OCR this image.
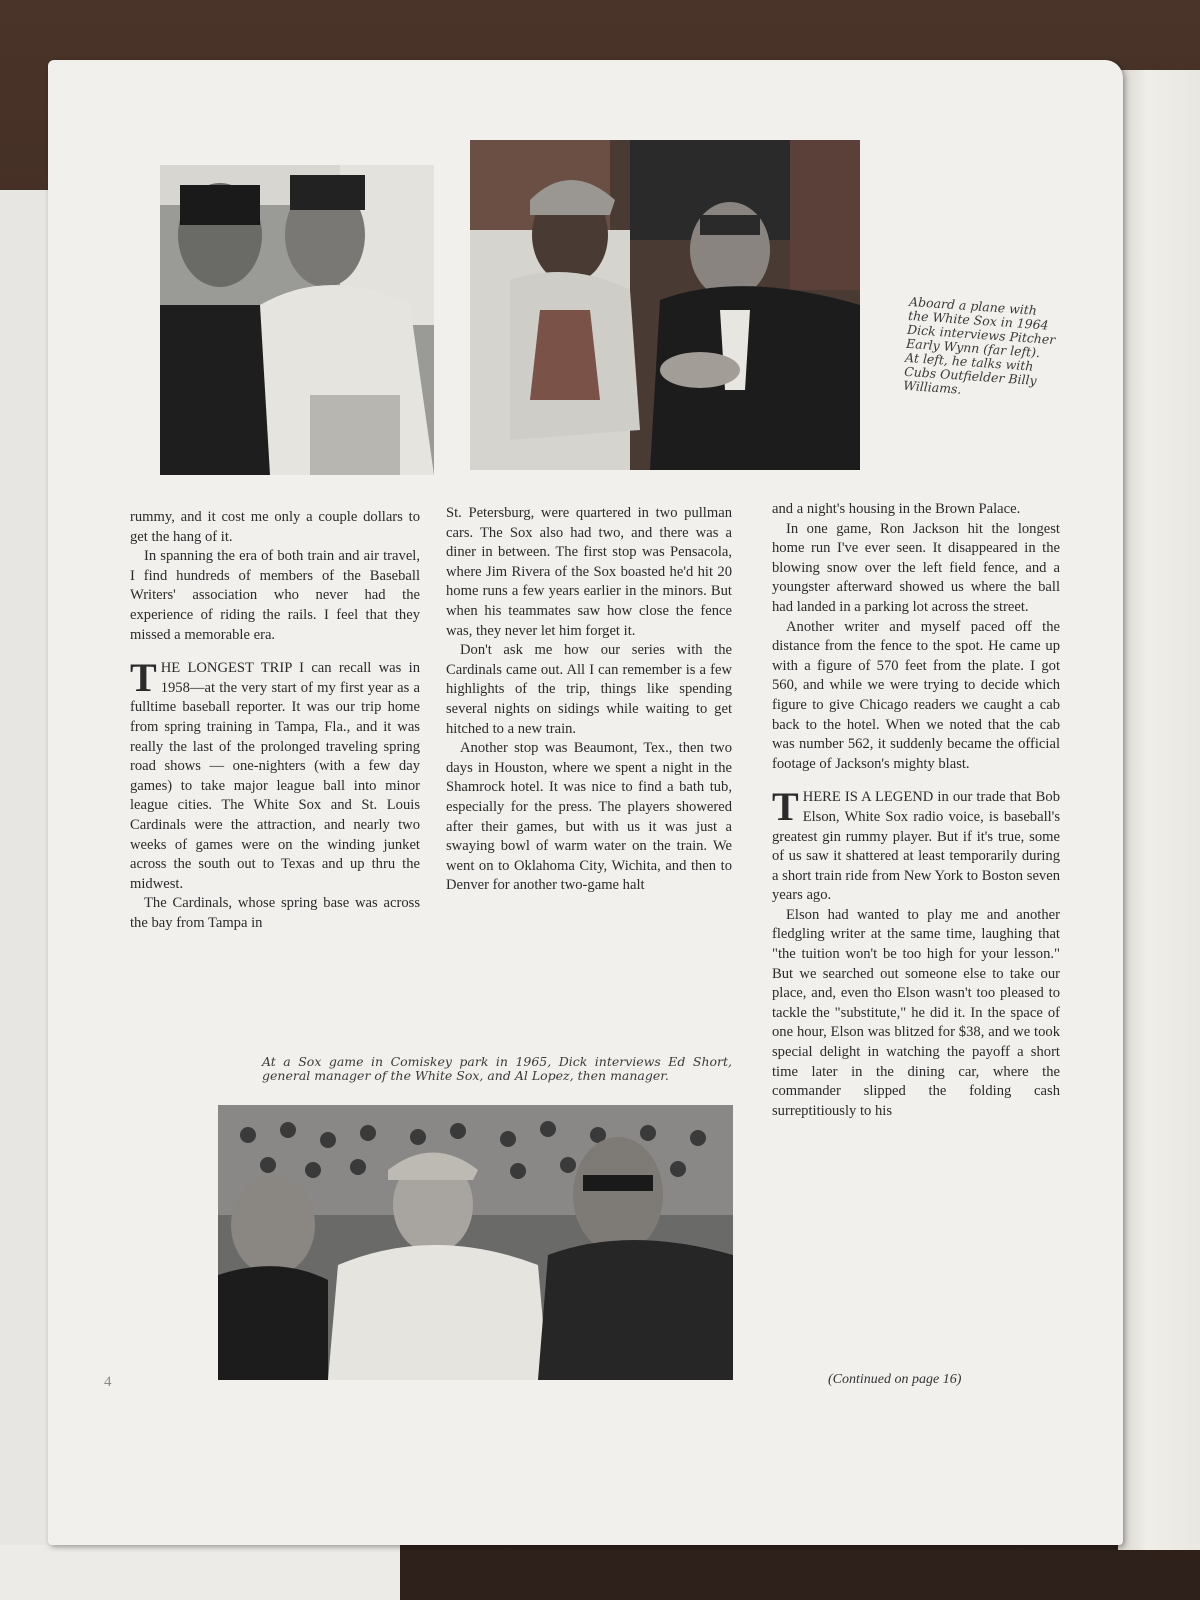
Aboard a plane with the White Sox in 1964 Dick interviews Pitcher Early Wynn (far left). At left, he talks with Cubs Outfielder Billy Williams.

rummy, and it cost me only a couple dollars to get the hang of it.

In spanning the era of both train and air travel, I find hundreds of members of the Baseball Writers' association who never had the experience of riding the rails. I feel that they missed a memorable era.

THE LONGEST TRIP I can recall was in 1958—at the very start of my first year as a fulltime baseball reporter. It was our trip home from spring training in Tampa, Fla., and it was really the last of the prolonged traveling spring road shows — one-nighters (with a few day games) to take major league ball into minor league cities. The White Sox and St. Louis Cardinals were the attraction, and nearly two weeks of games were on the winding junket across the south out to Texas and up thru the midwest.

The Cardinals, whose spring base was across the bay from Tampa in

St. Petersburg, were quartered in two pullman cars. The Sox also had two, and there was a diner in between. The first stop was Pensacola, where Jim Rivera of the Sox boasted he'd hit 20 home runs a few years earlier in the minors. But when his teammates saw how close the fence was, they never let him forget it.

Don't ask me how our series with the Cardinals came out. All I can remember is a few highlights of the trip, things like spending several nights on sidings while waiting to get hitched to a new train.

Another stop was Beaumont, Tex., then two days in Houston, where we spent a night in the Shamrock hotel. It was nice to find a bath tub, especially for the press. The players showered after their games, but with us it was just a swaying bowl of warm water on the train. We went on to Oklahoma City, Wichita, and then to Denver for another two-game halt

and a night's housing in the Brown Palace.

In one game, Ron Jackson hit the longest home run I've ever seen. It disappeared in the blowing snow over the left field fence, and a youngster afterward showed us where the ball had landed in a parking lot across the street.

Another writer and myself paced off the distance from the fence to the spot. He came up with a figure of 570 feet from the plate. I got 560, and while we were trying to decide which figure to give Chicago readers we caught a cab back to the hotel. When we noted that the cab was number 562, it suddenly became the official footage of Jackson's mighty blast.

THERE IS A LEGEND in our trade that Bob Elson, White Sox radio voice, is baseball's greatest gin rummy player. But if it's true, some of us saw it shattered at least temporarily during a short train ride from New York to Boston seven years ago.

Elson had wanted to play me and another fledgling writer at the same time, laughing that "the tuition won't be too high for your lesson." But we searched out someone else to take our place, and, even tho Elson wasn't too pleased to tackle the "substitute," he did it. In the space of one hour, Elson was blitzed for $38, and we took special delight in watching the payoff a short time later in the dining car, where the commander slipped the folding cash surreptitiously to his

At a Sox game in Comiskey park in 1965, Dick interviews Ed Short, general manager of the White Sox, and Al Lopez, then manager.
4	(Continued on page 16)
